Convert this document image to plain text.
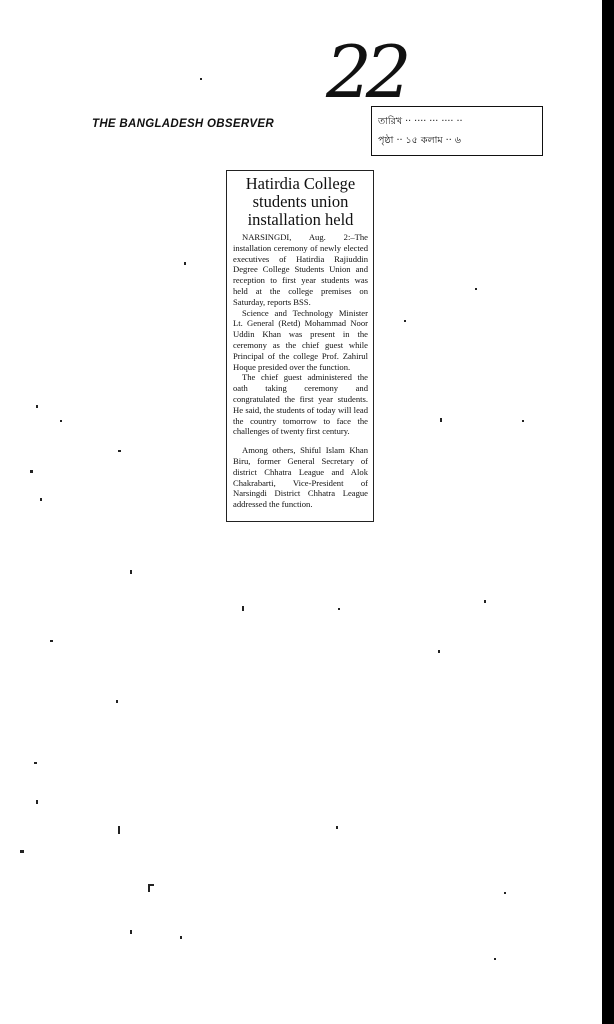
22
THE BANGLADESH OBSERVER	তারিখ ·· ···· ··· ···· ··
পৃষ্ঠা ·· ১৫ কলাম ·· ৬
Hatirdia College students union installation held

NARSINGDI, Aug. 2:–The installation ceremony of newly elected executives of Hatirdia Rajiuddin Degree College Students Union and reception to first year students was held at the college premises on Saturday, reports BSS.

Science and Technology Minister Lt. General (Retd) Mohammad Noor Uddin Khan was present in the ceremony as the chief guest while Principal of the college Prof. Zahirul Hoque presided over the function.

The chief guest administered the oath taking ceremony and congratulated the first year students. He said, the students of today will lead the country tomorrow to face the challenges of twenty first century.

Among others, Shiful Islam Khan Biru, former General Secretary of district Chhatra League and Alok Chakrabarti, Vice-President of Narsingdi District Chhatra League addressed the function.
